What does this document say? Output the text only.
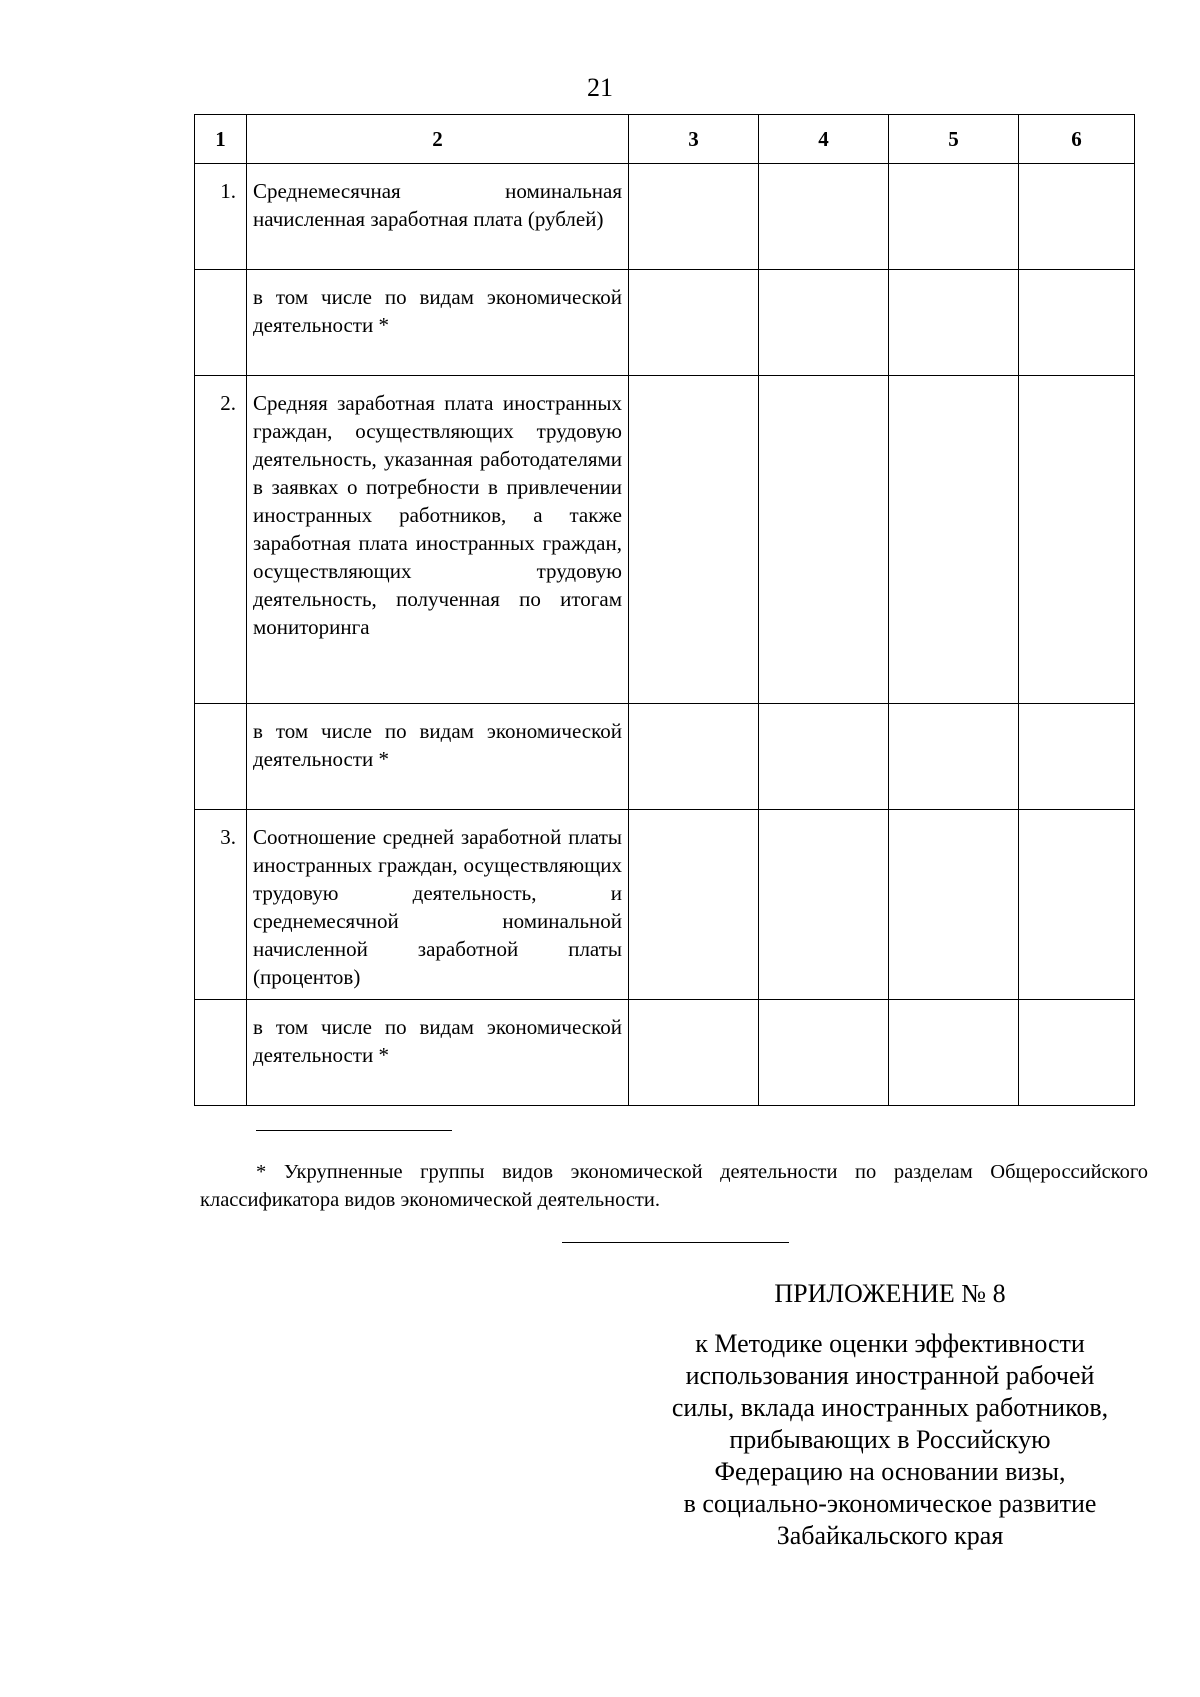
21
1	2	3	4	5	6
1.	Среднемесячная номинальная начисленная заработная плата (рублей)				

	в том числе по видам экономической деятельности *				

2.	Средняя заработная плата иностранных граждан, осуществляющих трудовую деятельность, указанная работодателями в заявках о потребности в привлечении иностранных работников, а также заработная плата иностранных граждан, осуществляющих трудовую деятельность, полученная по итогам мониторинга				

	в том числе по видам экономической деятельности *				

3.	Соотношение средней заработной платы иностранных граждан, осуществляющих трудовую деятельность, и среднемесячной номинальной начисленной заработной платы (процентов)				

	в том числе по видам экономической деятельности *				

* Укрупненные группы видов экономической деятельности по разделам Общероссийского классификатора видов экономической деятельности.
ПРИЛОЖЕНИЕ № 8
к Методике оценки эффективности
использования иностранной рабочей
силы, вклада иностранных работников,
прибывающих в Российскую
Федерацию на основании визы,
в социально-экономическое развитие
Забайкальского края
